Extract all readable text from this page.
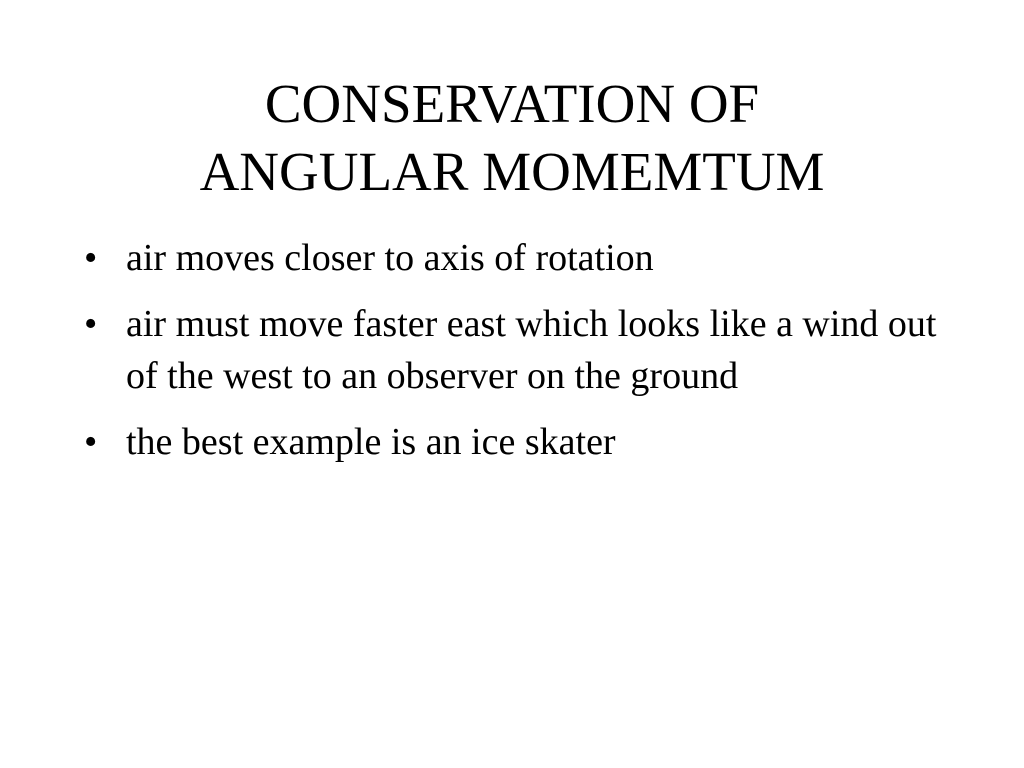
CONSERVATION OF
ANGULAR MOMEMTUM
• air moves closer to axis of rotation
• air must move faster east which looks like a wind out of the west to an observer on the ground
• the best example is an ice skater
